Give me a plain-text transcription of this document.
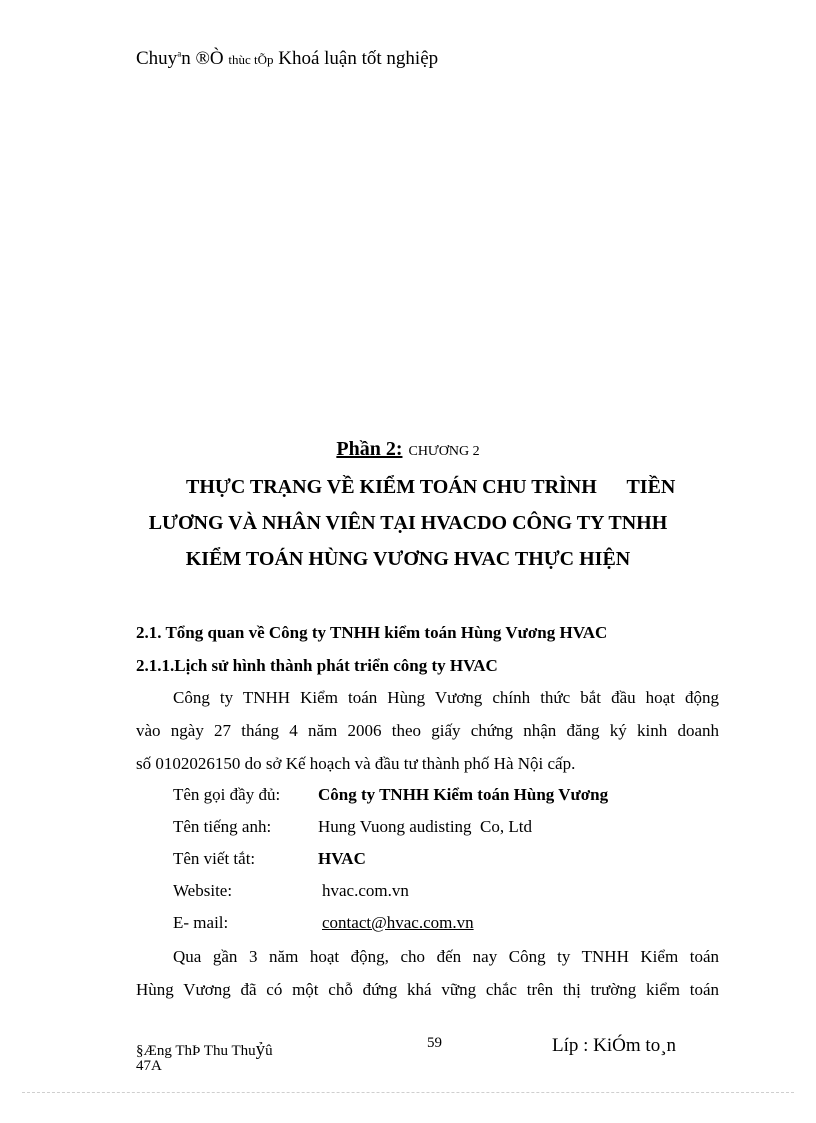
Chuy$^a$n ®Ò thùc tÕp Khoá luận tốt nghiệp
Phần 2: CHƯƠNG 2
THỰC TRẠNG VỀ KIỂM TOÁN CHU TRÌNH      TIỀN
LƯƠNG VÀ NHÂN VIÊN TẠI HVACDO CÔNG TY TNHH
KIỂM TOÁN HÙNG VƯƠNG HVAC THỰC HIỆN
2.1. Tổng quan về Công ty TNHH kiểm toán Hùng Vương HVAC
2.1.1.Lịch sử hình thành phát triển công ty HVAC
Công ty TNHH Kiểm toán Hùng Vương chính thức bắt đầu hoạt động
vào ngày 27 tháng 4 năm 2006 theo giấy chứng nhận đăng ký kinh doanh
số 0102026150 do sở Kế hoạch và đầu tư thành phố Hà Nội cấp.
Tên gọi đầy đủ: Công ty TNHH Kiểm toán Hùng Vương
Tên tiếng anh:	Hung Vuong audisting  Co, Ltd
Tên viết tắt:	HVAC
Website:	hvac.com.vn
E- mail:	contact@hvac.com.vn
Qua gần 3 năm hoạt động, cho đến nay Công ty TNHH Kiểm toán
Hùng Vương đã có một chỗ đứng khá vững chắc trên thị trường kiểm toán
§Æng ThÞ Thu Thuỷû
47A
59	Líp : KiÓm to¸n
